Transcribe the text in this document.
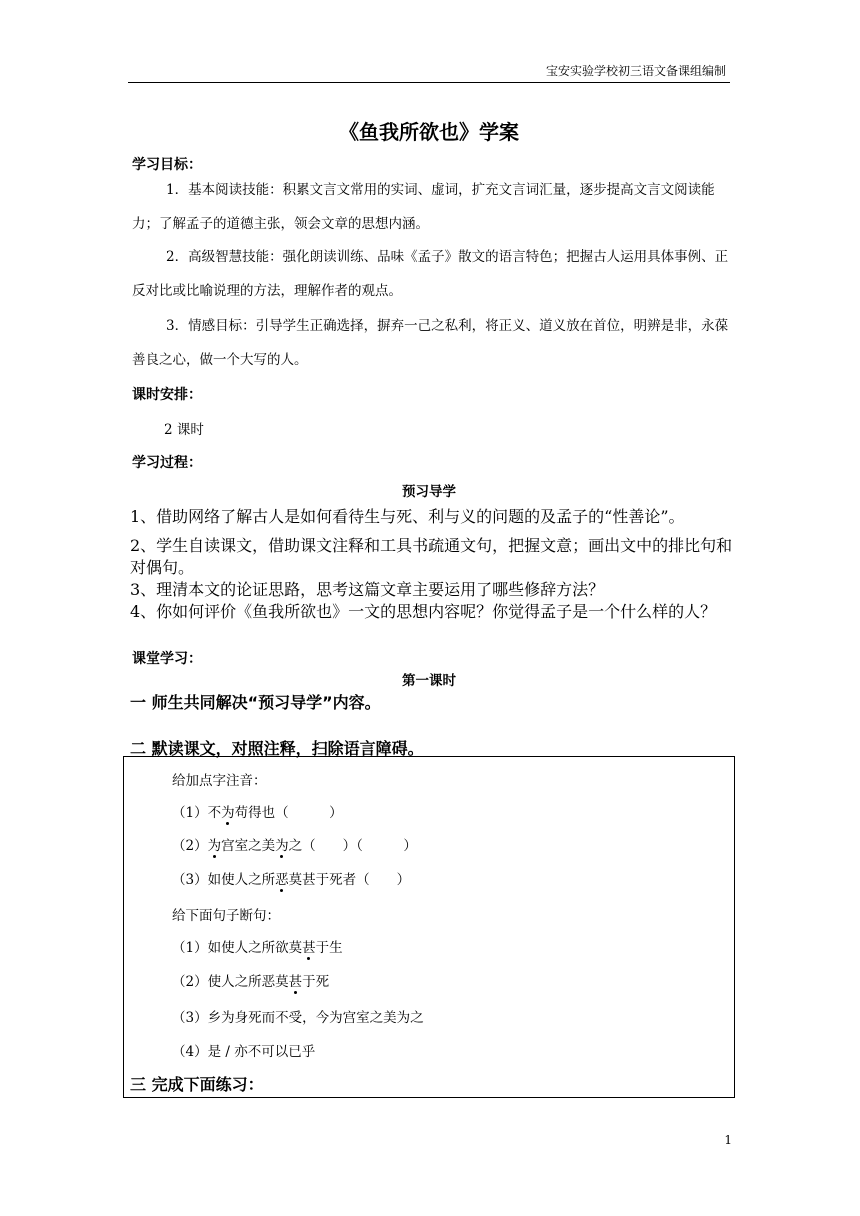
宝安实验学校初三语文备课组编制
《鱼我所欲也》学案
学习目标：
1．基本阅读技能：积累文言文常用的实词、虚词，扩充文言词汇量，逐步提高文言文阅读能力；了解孟子的道德主张，领会文章的思想内涵。
2．高级智慧技能：强化朗读训练、品味《孟子》散文的语言特色；把握古人运用具体事例、正反对比或比喻说理的方法，理解作者的观点。
3．情感目标：引导学生正确选择，摒弃一己之私利，将正义、道义放在首位，明辨是非，永葆善良之心，做一个大写的人。
课时安排：
2 课时
学习过程：
预习导学
1、借助网络了解古人是如何看待生与死、利与义的问题的及孟子的“性善论”。
2、学生自读课文，借助课文注释和工具书疏通文句，把握文意；画出文中的排比句和对偶句。
3、理清本文的论证思路，思考这篇文章主要运用了哪些修辞方法？
4、你如何评价《鱼我所欲也》一文的思想内容呢？你觉得孟子是一个什么样的人？
课堂学习：
第一课时
一 师生共同解决“预习导学”内容。
二 默读课文，对照注释，扫除语言障碍。
给加点字注音：
（1）不为苟得也（　　　）
（2）为宫室之美为之（　　）（　　　）
（3）如使人之所恶莫甚于死者（　　）
给下面句子断句：
（1）如使人之所欲莫甚于生
（2）使人之所恶莫甚于死
（3）乡为身死而不受，今为宫室之美为之
（4）是 / 亦不可以已乎
三 完成下面练习：
1
